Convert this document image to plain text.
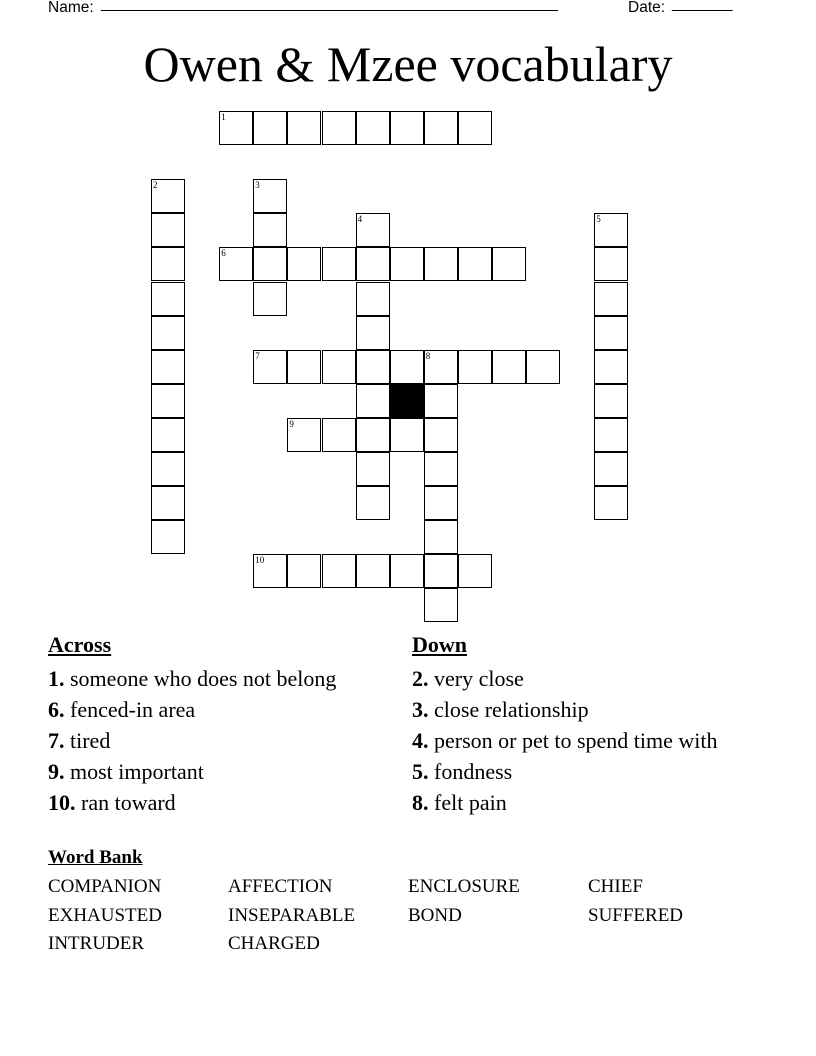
Name:

_____________________________________________________

	Date:

_______

Owen & Mzee vocabulary
1
2	3
4	5
6
7	8
9
10
Across
1. someone who does not belong
6. fenced-in area
7. tired
9. most important
10. ran toward
Down
2. very close
3. close relationship
4. person or pet to spend time with
5. fondness
8. felt pain
Word Bank
COMPANION	AFFECTION	ENCLOSURE	CHIEF
EXHAUSTED	INSEPARABLE	BOND	SUFFERED
INTRUDER	CHARGED
